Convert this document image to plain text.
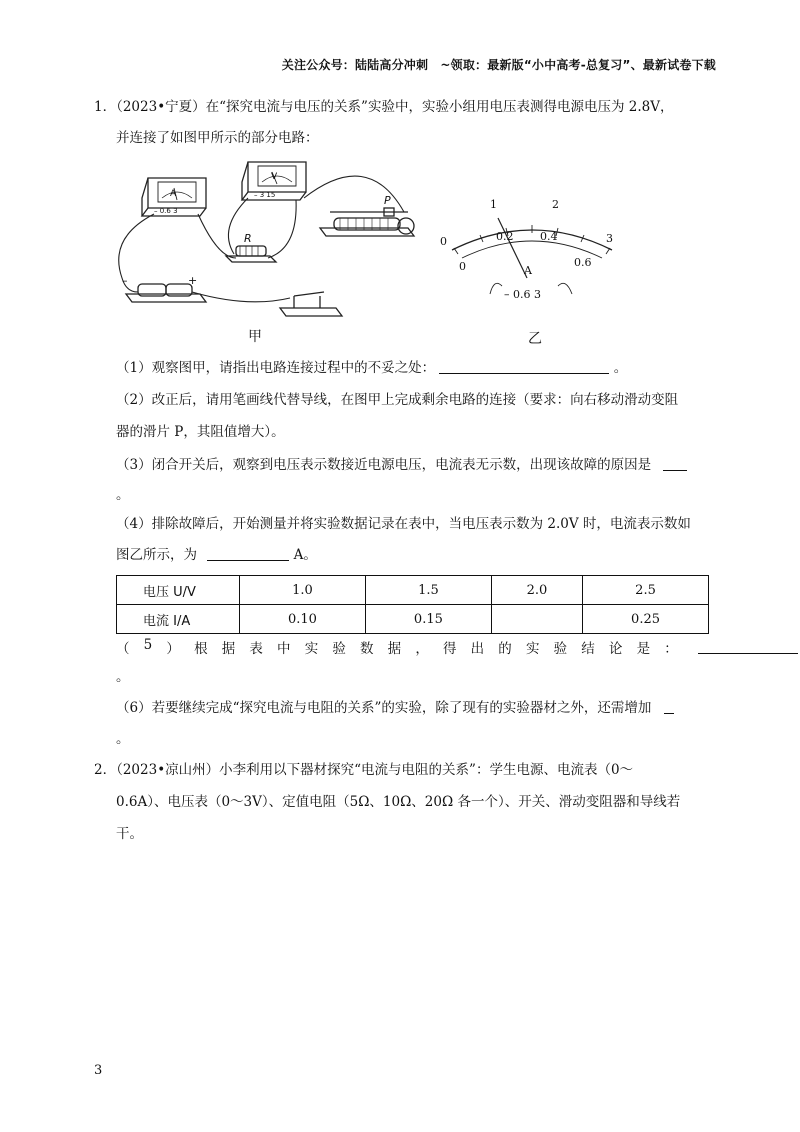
关注公众号：陆陆高分冲刺　~领取：最新版“小中高考-总复习”、最新试卷下载
1．（2023•宁夏）在“探究电流与电压的关系”实验中，实验小组用电压表测得电源电压为 2.8V，
并连接了如图甲所示的部分电路：
A
V
– 0.6 3
– 3 15
R
P
–	+
甲
0
1	2
3
0
0.2 0.4
0.6
A
– 0.6 3
乙
（1）观察图甲，请指出电路连接过程中的不妥之处：	。
（2）改正后，请用笔画线代替导线，在图甲上完成剩余电路的连接（要求：向右移动滑动变阻
器的滑片 P，其阻值增大）。
（3）闭合开关后，观察到电压表示数接近电源电压，电流表无示数，出现该故障的原因是
。
（4）排除故障后，开始测量并将实验数据记录在表中，当电压表示数为 2.0V 时，电流表示数如
图乙所示，为	A。
电压 U/V	1.0	1.5	2.0	2.5
电流 I/A	0.10	0.15		0.25
（ 5 ） 根 据 表 中 实 验 数 据 ， 得 出 的 实 验 结 论 是 ：
。
（6）若要继续完成“探究电流与电阻的关系”的实验，除了现有的实验器材之外，还需增加
。
2．（2023•凉山州）小李利用以下器材探究“电流与电阻的关系”：学生电源、电流表（0～
0.6A）、电压表（0～3V）、定值电阻（5Ω、10Ω、20Ω 各一个）、开关、滑动变阻器和导线若
干。
3
